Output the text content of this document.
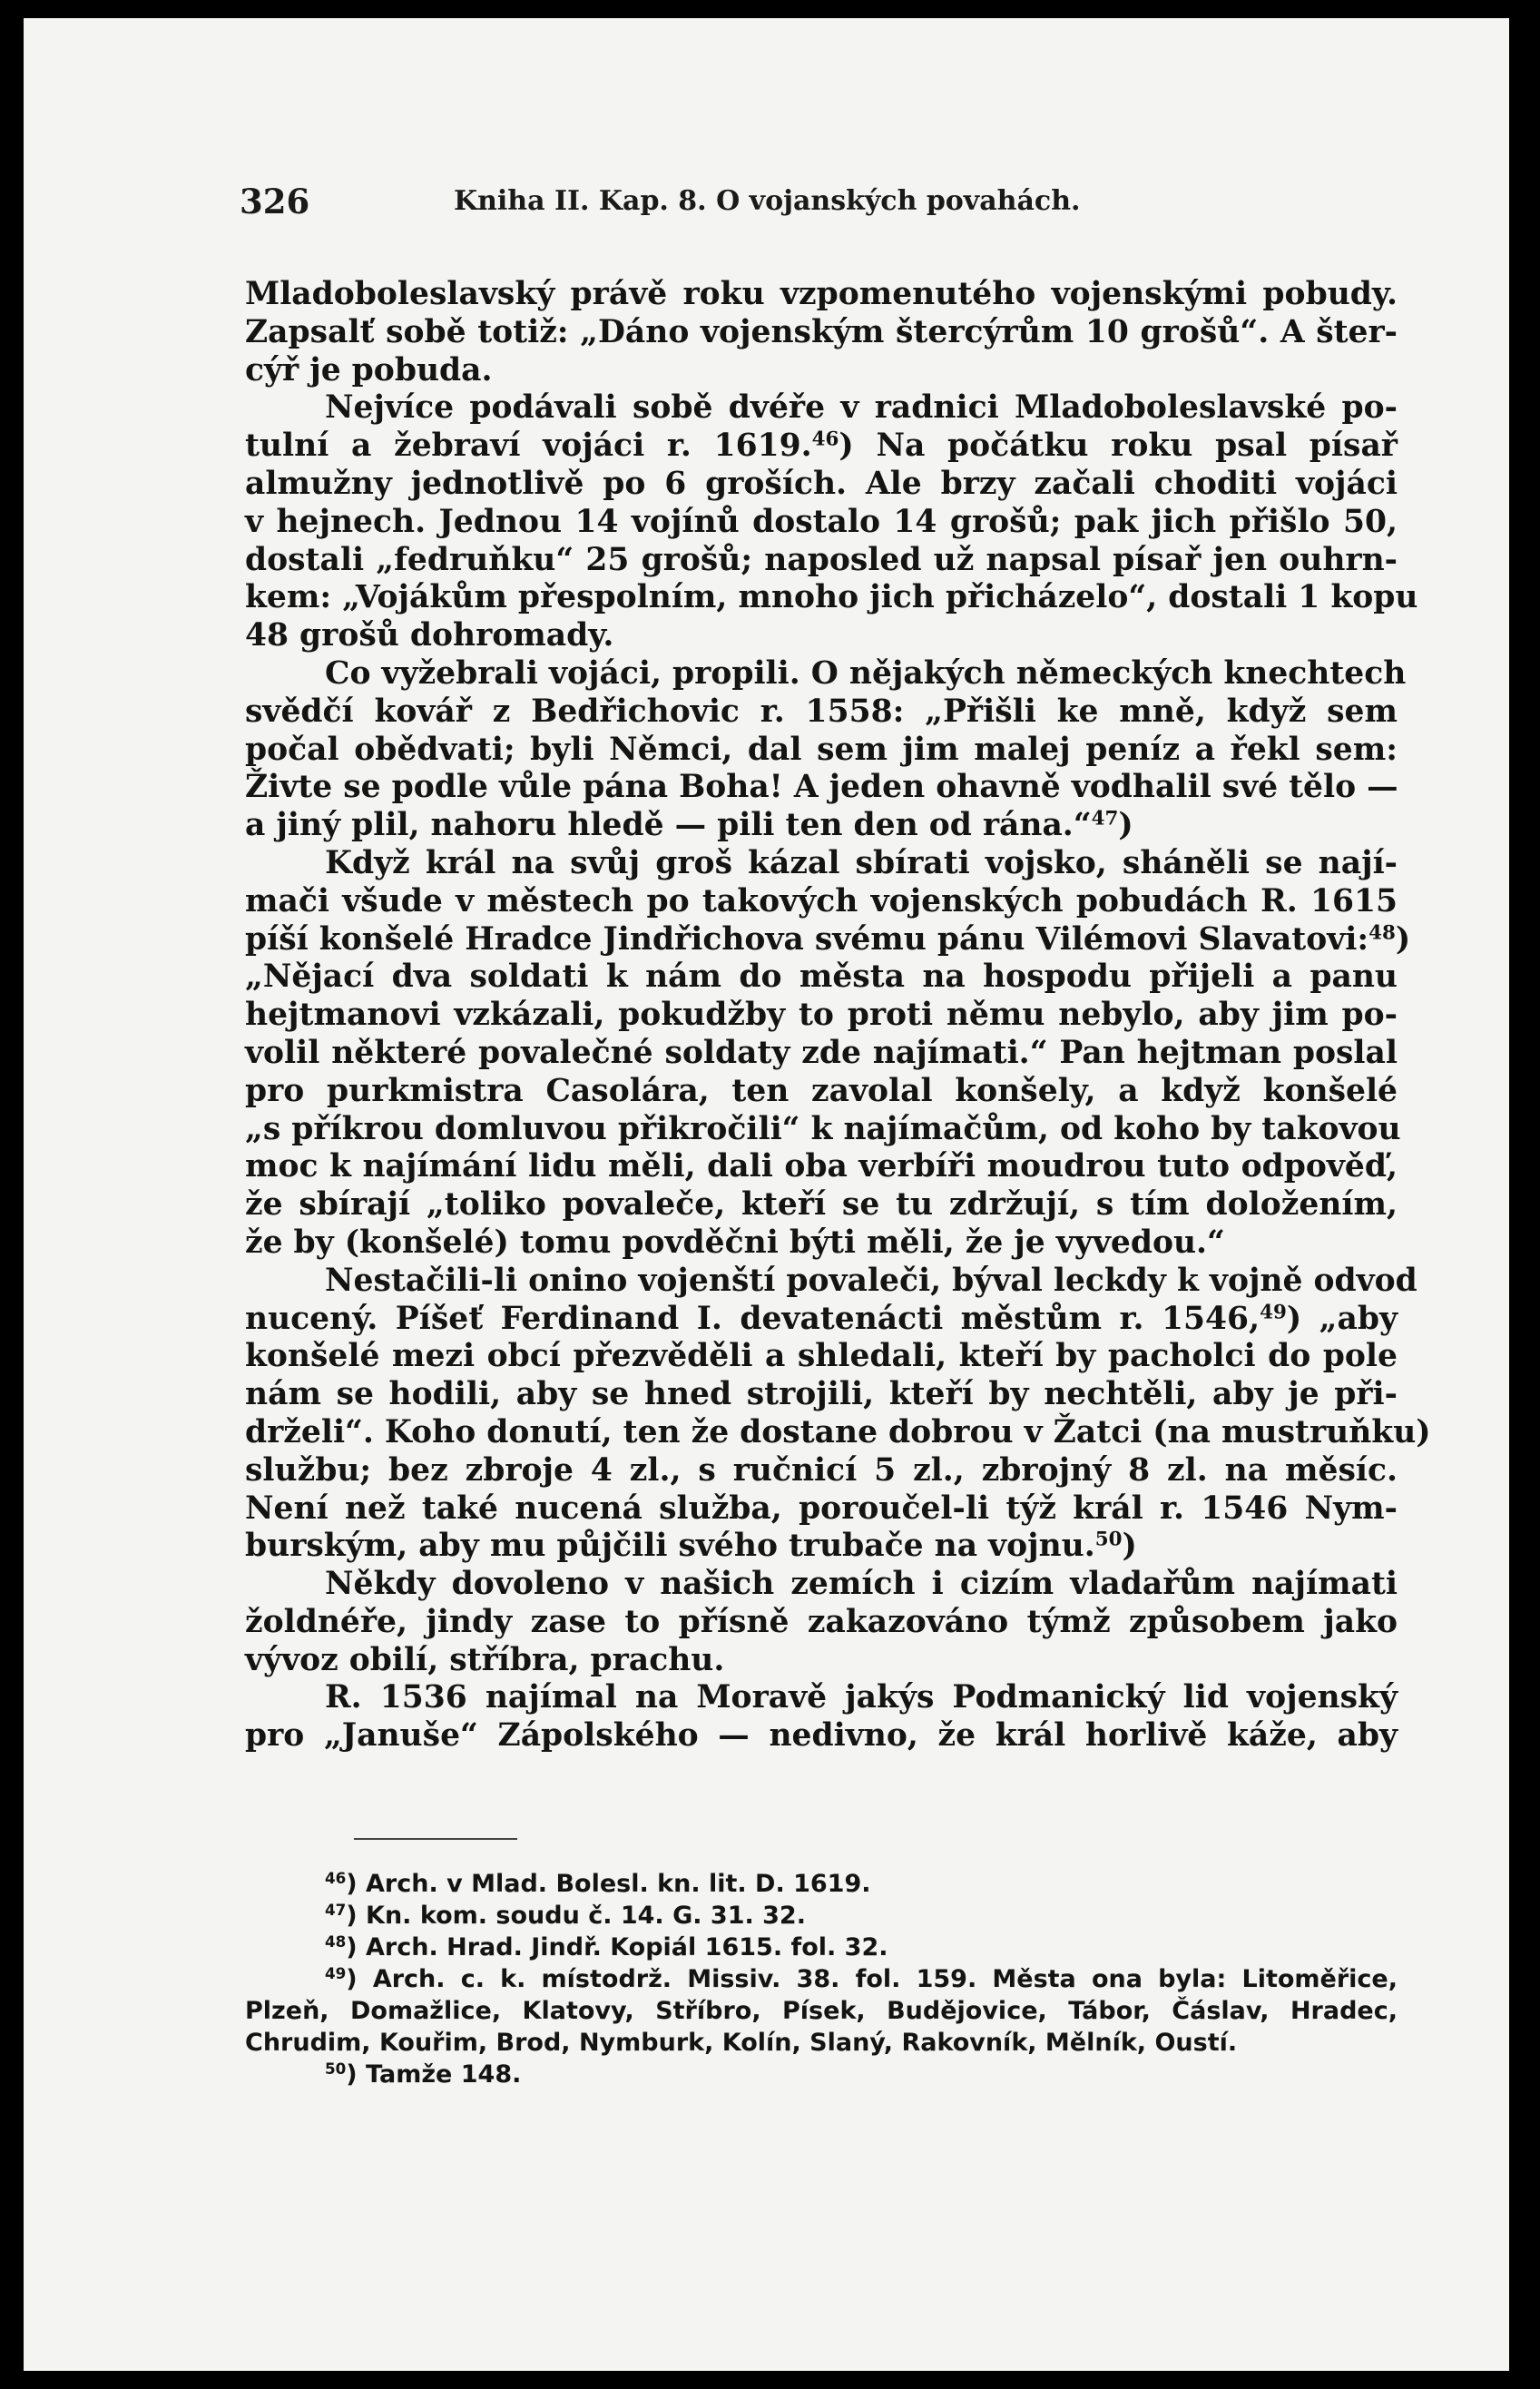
326	Kniha II. Kap. 8. O vojanských povahách.
Mladoboleslavský právě roku vzpomenutého vojenskými pobudy.
Zapsalť sobě totiž: „Dáno vojenským štercýrům 10 grošů“. A šter-
cýř je pobuda.
Nejvíce podávali sobě dvéře v radnici Mladoboleslavské po-
tulní a žebraví vojáci r. 1619.46) Na počátku roku psal písař
almužny jednotlivě po 6 groších. Ale brzy začali choditi vojáci
v hejnech. Jednou 14 vojínů dostalo 14 grošů; pak jich přišlo 50,
dostali „fedruňku“ 25 grošů; naposled už napsal písař jen ouhrn-
kem: „Vojákům přespolním, mnoho jich přicházelo“, dostali 1 kopu
48 grošů dohromady.
Co vyžebrali vojáci, propili. O nějakých německých knechtech
svědčí kovář z Bedřichovic r. 1558: „Přišli ke mně, když sem
počal obědvati; byli Němci, dal sem jim malej peníz a řekl sem:
Živte se podle vůle pána Boha! A jeden ohavně vodhalil své tělo —
a jiný plil, nahoru hledě — pili ten den od rána.“$^{47}$)
Když král na svůj groš kázal sbírati vojsko, sháněli se nají-
mači všude v městech po takových vojenských pobudách R. 1615
píší konšelé Hradce Jindřichova svému pánu Vilémovi Slavatovi:$^{48}$)
„Nějací dva soldati k nám do města na hospodu přijeli a panu
hejtmanovi vzkázali, pokudžby to proti němu nebylo, aby jim po-
volil některé povalečné soldaty zde najímati.“ Pan hejtman poslal
pro purkmistra Casolára, ten zavolal konšely, a když konšelé
„s příkrou domluvou přikročili“ k najímačům, od koho by takovou
moc k najímání lidu měli, dali oba verbíři moudrou tuto odpověď,
že sbírají „toliko povaleče, kteří se tu zdržují, s tím doložením,
že by (konšelé) tomu povděčni býti měli, že je vyvedou.“
Nestačili-li onino vojenští povaleči, býval leckdy k vojně odvod
nucený. Píšeť Ferdinand I. devatenácti městům r. 1546,49) „aby
konšelé mezi obcí přezvěděli a shledali, kteří by pacholci do pole
nám se hodili, aby se hned strojili, kteří by nechtěli, aby je při-
drželi“. Koho donutí, ten že dostane dobrou v Žatci (na mustruňku)
službu; bez zbroje 4 zl., s ručnicí 5 zl., zbrojný 8 zl. na měsíc.
Není než také nucená služba, poroučel-li týž král r. 1546 Nym-
burským, aby mu půjčili svého trubače na vojnu.$^{50}$)
Někdy dovoleno v našich zemích i cizím vladařům najímati
žoldnéře, jindy zase to přísně zakazováno týmž způsobem jako
vývoz obilí, stříbra, prachu.
R. 1536 najímal na Moravě jakýs Podmanický lid vojenský
pro „Januše“ Zápolského — nedivno, že král horlivě káže, aby
$^{46}$) Arch. v Mlad. Bolesl. kn. lit. D. 1619.
$^{47}$) Kn. kom. soudu č. 14. G. 31. 32.
$^{48}$) Arch. Hrad. Jindř. Kopiál 1615. fol. 32.
$^{49}$) Arch. c. k. místodrž. Missiv. 38. fol. 159. Města ona byla: Litoměřice,
Plzeň, Domažlice, Klatovy, Stříbro, Písek, Budějovice, Tábor, Čáslav, Hradec,
Chrudim, Kouřim, Brod, Nymburk, Kolín, Slaný, Rakovník, Mělník, Oustí.
$^{50}$) Tamže 148.
